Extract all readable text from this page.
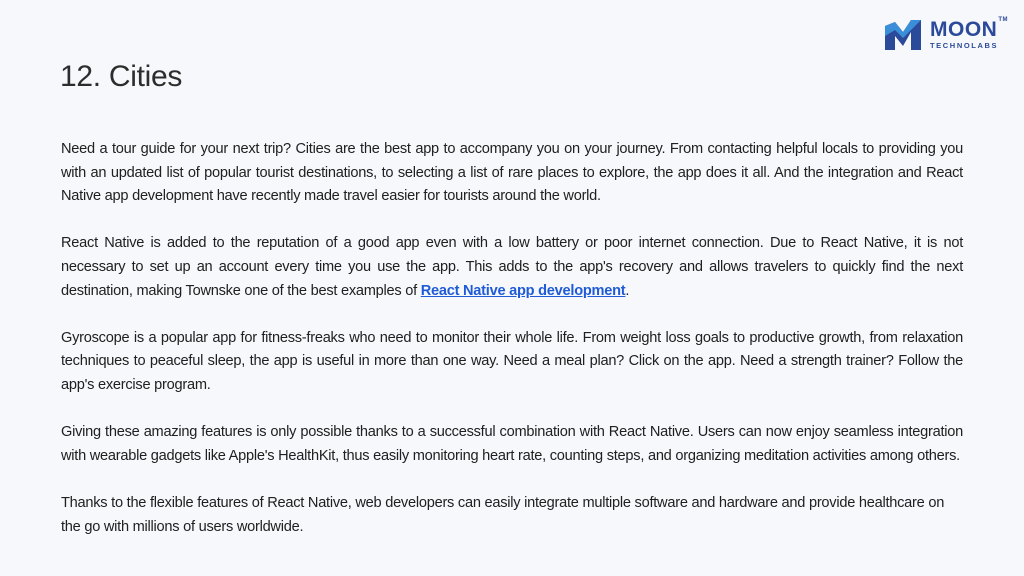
MOON™
TECHNOLABS
12. Cities

Need a tour guide for your next trip? Cities are the best app to accompany you on your journey. From contacting helpful locals to providing you with an updated list of popular tourist destinations, to selecting a list of rare places to explore, the app does it all. And the integration and React Native app development have recently made travel easier for tourists around the world.

React Native is added to the reputation of a good app even with a low battery or poor internet connection. Due to React Native, it is not necessary to set up an account every time you use the app. This adds to the app's recovery and allows travelers to quickly find the next destination, making Townske one of the best examples of React Native app development.

Gyroscope is a popular app for fitness-freaks who need to monitor their whole life. From weight loss goals to productive growth, from relaxation techniques to peaceful sleep, the app is useful in more than one way. Need a meal plan? Click on the app. Need a strength trainer? Follow the app's exercise program.

Giving these amazing features is only possible thanks to a successful combination with React Native. Users can now enjoy seamless integration with wearable gadgets like Apple's HealthKit, thus easily monitoring heart rate, counting steps, and organizing meditation activities among others.

Thanks to the flexible features of React Native, web developers can easily integrate multiple software and hardware and provide healthcare on the go with millions of users worldwide.
